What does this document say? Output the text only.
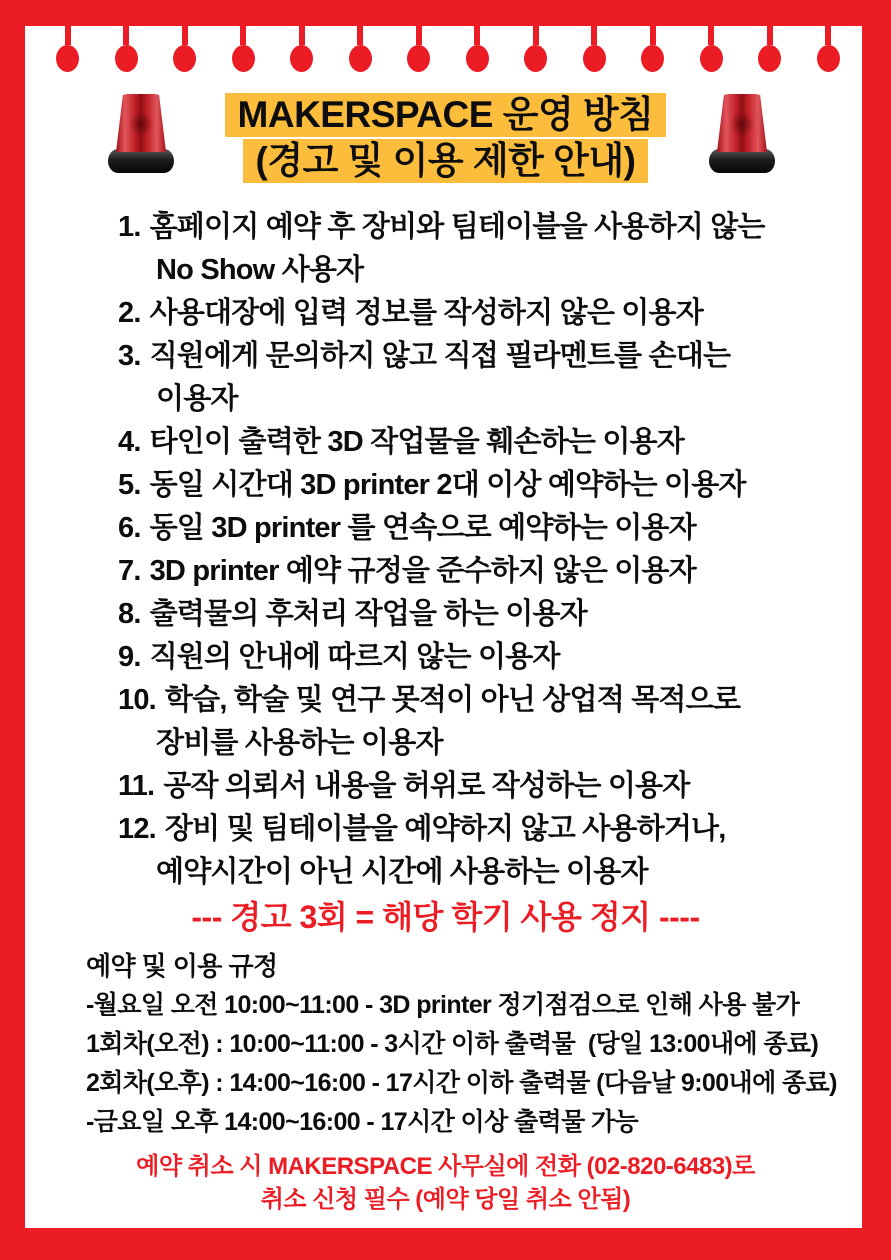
MAKERSPACE 운영 방침
(경고 및 이용 제한 안내)
1. 홈페이지 예약 후 장비와 팀테이블을 사용하지 않는
No Show 사용자
2. 사용대장에 입력 정보를 작성하지 않은 이용자
3. 직원에게 문의하지 않고 직접 필라멘트를 손대는
이용자
4. 타인이 출력한 3D 작업물을 훼손하는 이용자
5. 동일 시간대 3D printer 2대 이상 예약하는 이용자
6. 동일 3D printer 를 연속으로 예약하는 이용자
7. 3D printer 예약 규정을 준수하지 않은 이용자
8. 출력물의 후처리 작업을 하는 이용자
9. 직원의 안내에 따르지 않는 이용자
10. 학습, 학술 및 연구 못적이 아닌 상업적 목적으로
장비를 사용하는 이용자
11. 공작 의뢰서 내용을 허위로 작성하는 이용자
12. 장비 및 팀테이블을 예약하지 않고 사용하거나,
예약시간이 아닌 시간에 사용하는 이용자
--- 경고 3회 = 해당 학기 사용 정지 ----
예약 및 이용 규정
-월요일 오전 10:00~11:00 - 3D printer 정기점검으로 인해 사용 불가
1회차(오전) : 10:00~11:00 - 3시간 이하 출력물  (당일 13:00내에 종료)
2회차(오후) : 14:00~16:00 - 17시간 이하 출력물 (다음날 9:00내에 종료)
-금요일 오후 14:00~16:00 - 17시간 이상 출력물 가능
예약 취소 시 MAKERSPACE 사무실에 전화 (02-820-6483)로
취소 신청 필수 (예약 당일 취소 안됨)
